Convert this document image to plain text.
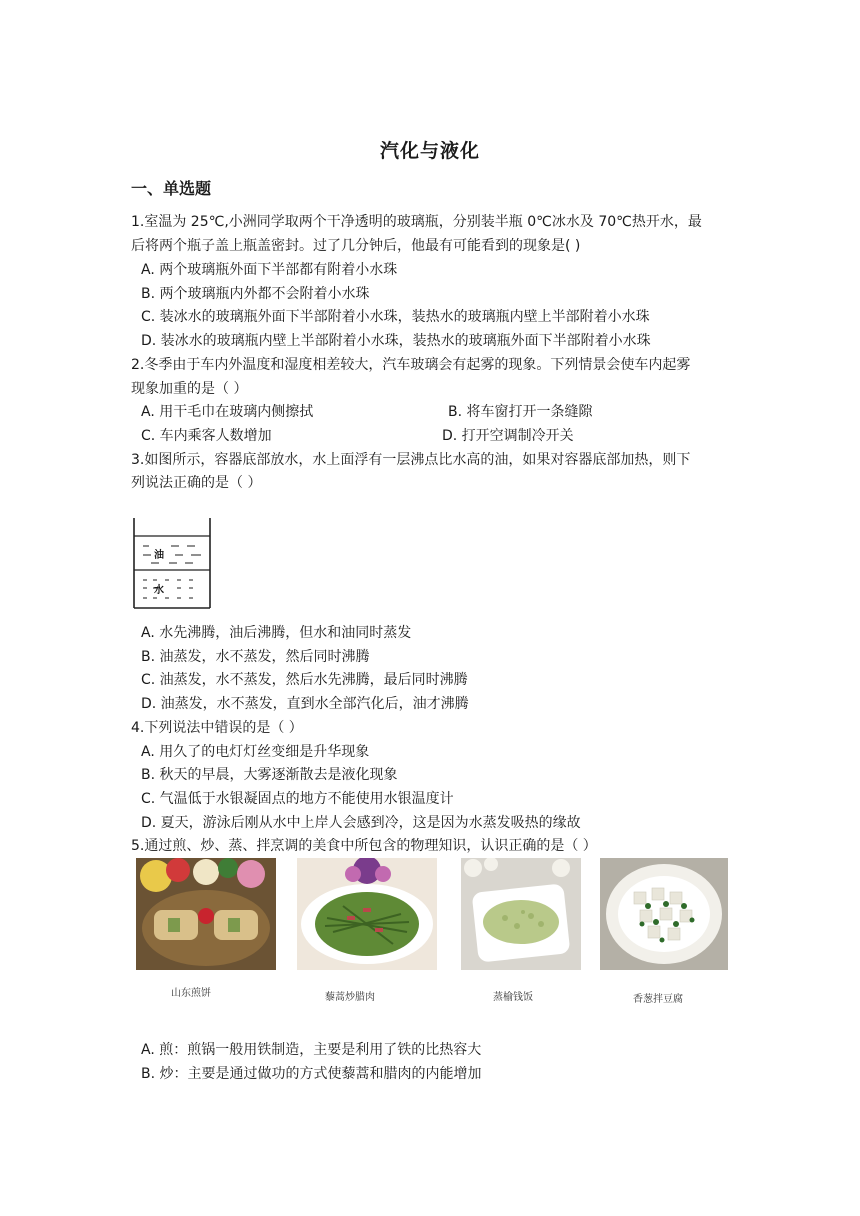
汽化与液化
一、单选题
1.室温为 25℃,小洲同学取两个干净透明的玻璃瓶，分别装半瓶 0℃冰水及 70℃热开水，最
后将两个瓶子盖上瓶盖密封。过了几分钟后，他最有可能看到的现象是( )
A. 两个玻璃瓶外面下半部都有附着小水珠
B. 两个玻璃瓶内外都不会附着小水珠
C. 装冰水的玻璃瓶外面下半部附着小水珠，装热水的玻璃瓶内壁上半部附着小水珠
D. 装冰水的玻璃瓶内壁上半部附着小水珠，装热水的玻璃瓶外面下半部附着小水珠
2.冬季由于车内外温度和湿度相差较大，汽车玻璃会有起雾的现象。下列情景会使车内起雾
现象加重的是（ ）
A. 用干毛巾在玻璃内侧擦拭	B. 将车窗打开一条缝隙
C. 车内乘客人数增加	D. 打开空调制冷开关
3.如图所示，容器底部放水，水上面浮有一层沸点比水高的油，如果对容器底部加热，则下
列说法正确的是（ ）
油
水
A. 水先沸腾，油后沸腾，但水和油同时蒸发
B. 油蒸发，水不蒸发，然后同时沸腾
C. 油蒸发，水不蒸发，然后水先沸腾，最后同时沸腾
D. 油蒸发，水不蒸发，直到水全部汽化后，油才沸腾
4.下列说法中错误的是（ ）
A. 用久了的电灯灯丝变细是升华现象
B. 秋天的早晨，大雾逐渐散去是液化现象
C. 气温低于水银凝固点的地方不能使用水银温度计
D. 夏天，游泳后刚从水中上岸人会感到冷，这是因为水蒸发吸热的缘故
5.通过煎、炒、蒸、拌烹调的美食中所包含的物理知识，认识正确的是（ ）
山东煎饼	藜蒿炒腊肉	蒸榆钱饭	香葱拌豆腐
A. 煎：煎锅一般用铁制造，主要是利用了铁的比热容大
B. 炒：主要是通过做功的方式使藜蒿和腊肉的内能增加
